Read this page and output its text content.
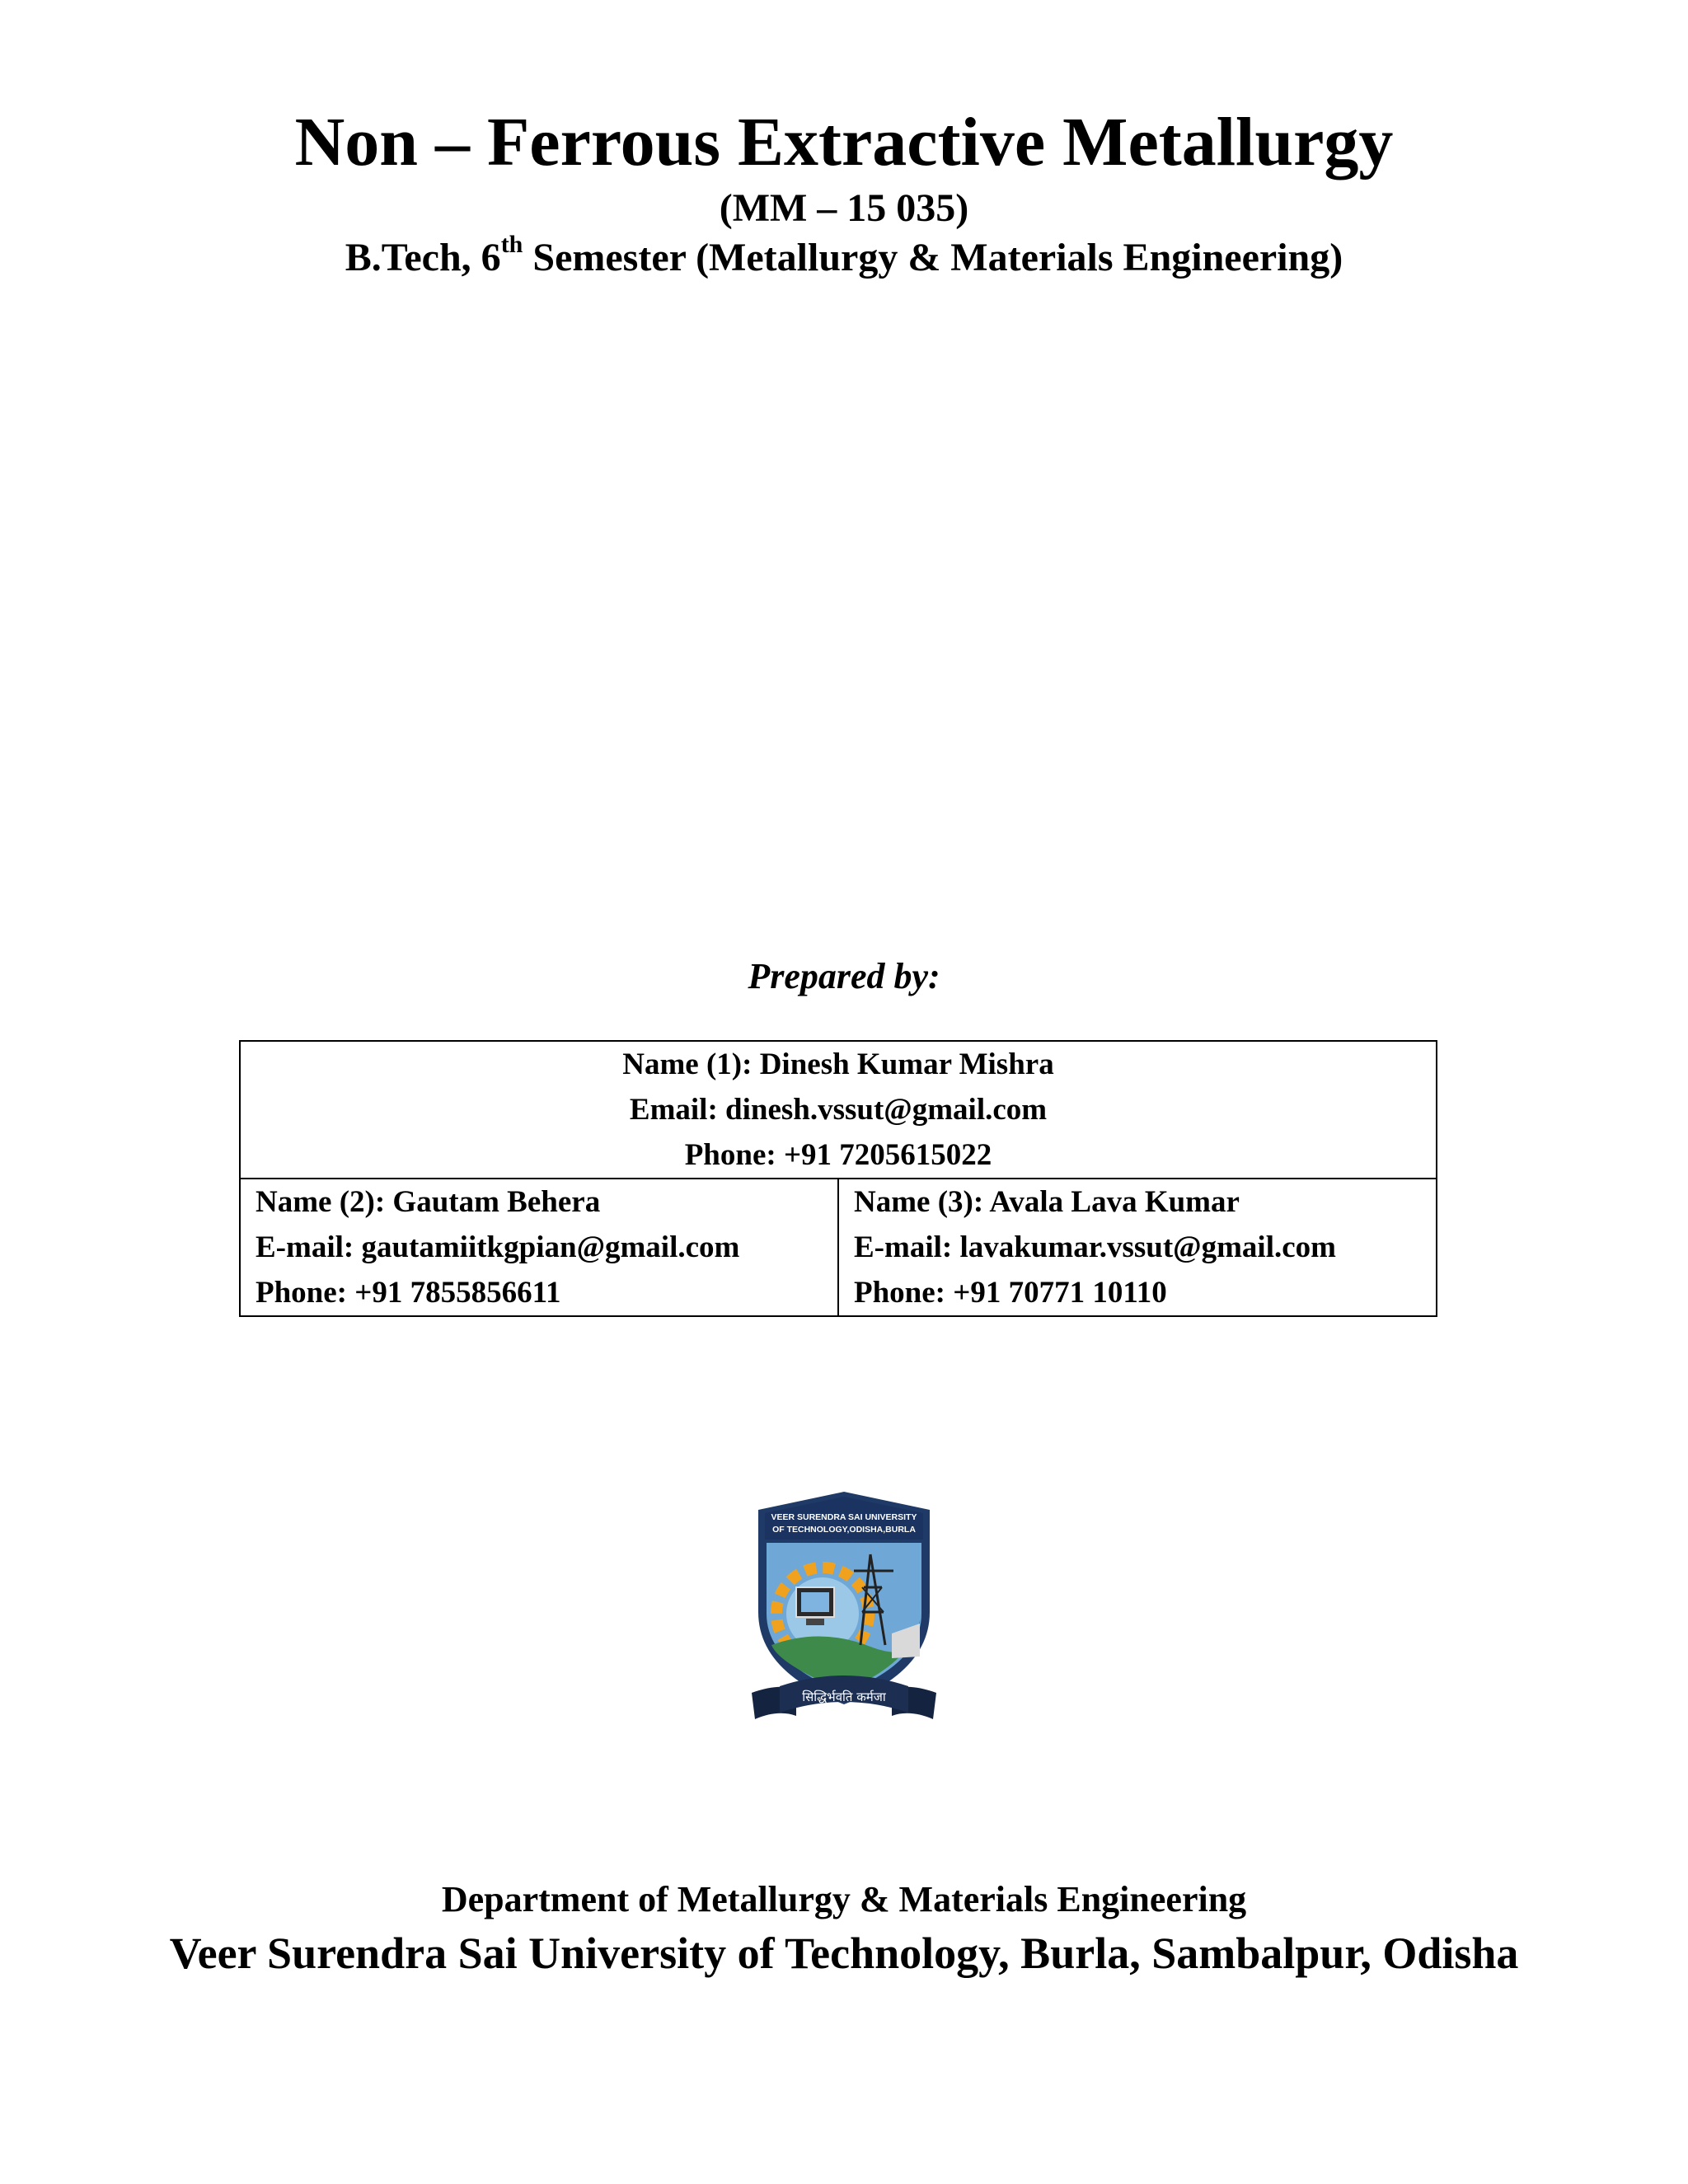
Non – Ferrous Extractive Metallurgy
(MM – 15 035)
B.Tech, 6th Semester (Metallurgy & Materials Engineering)
Prepared by:
Name (1): Dinesh Kumar Mishra
Email: dinesh.vssut@gmail.com
Phone: +91 7205615022

Name (2): Gautam Behera
E-mail: gautamiitkgpian@gmail.com
Phone: +91 7855856611

Name (3): Avala Lava Kumar
E-mail: lavakumar.vssut@gmail.com
Phone: +91 70771 10110
VEER SURENDRA SAI UNIVERSITY
OF TECHNOLOGY,ODISHA,BURLA
सिद्धिर्भवति कर्मजा
Department of Metallurgy & Materials Engineering
Veer Surendra Sai University of Technology, Burla, Sambalpur, Odisha
